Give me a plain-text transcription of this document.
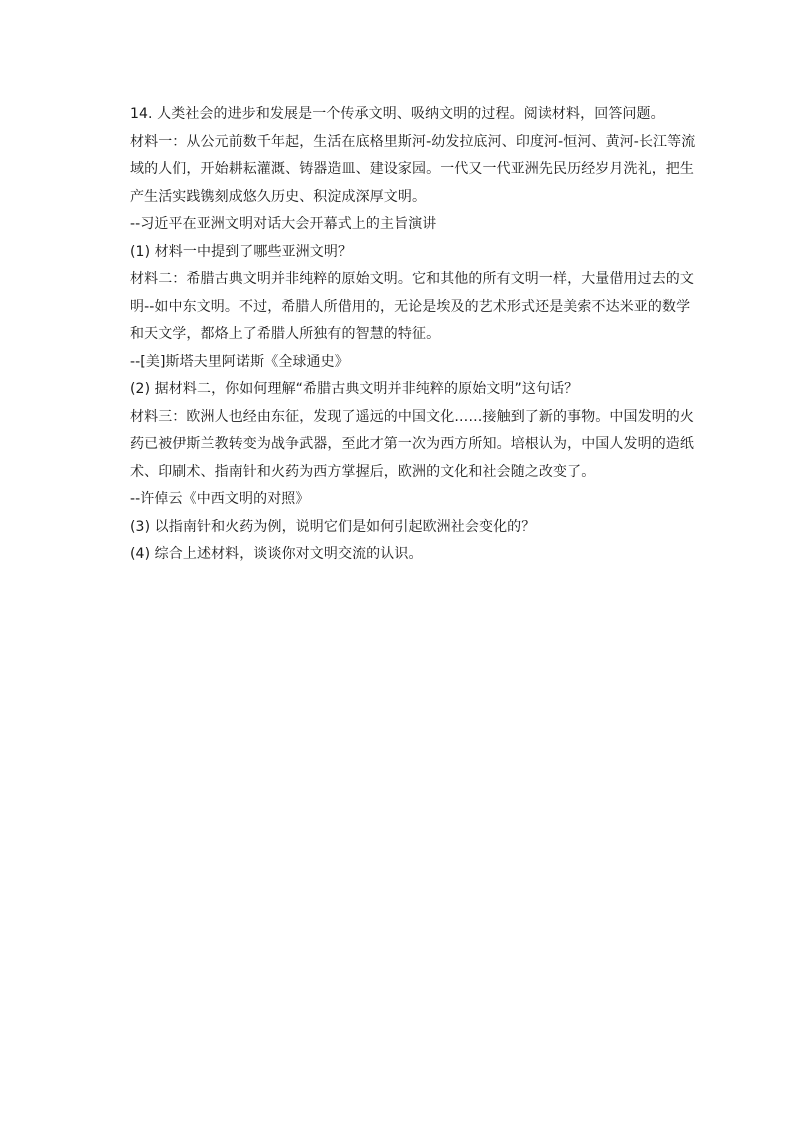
14. 人类社会的进步和发展是一个传承文明、吸纳文明的过程。阅读材料，回答问题。
材料一：从公元前数千年起，生活在底格里斯河-幼发拉底河、印度河-恒河、黄河-长江等流
域的人们，开始耕耘灌溉、铸器造皿、建设家园。一代又一代亚洲先民历经岁月洗礼，把生
产生活实践镌刻成悠久历史、积淀成深厚文明。
--习近平在亚洲文明对话大会开幕式上的主旨演讲
(1) 材料一中提到了哪些亚洲文明？
材料二：希腊古典文明并非纯粹的原始文明。它和其他的所有文明一样，大量借用过去的文
明--如中东文明。不过，希腊人所借用的，无论是埃及的艺术形式还是美索不达米亚的数学
和天文学，都烙上了希腊人所独有的智慧的特征。
--[美]斯塔夫里阿诺斯《全球通史》
(2) 据材料二，你如何理解“希腊古典文明并非纯粹的原始文明”这句话？
材料三：欧洲人也经由东征，发现了遥远的中国文化……接触到了新的事物。中国发明的火
药已被伊斯兰教转变为战争武器，至此才第一次为西方所知。培根认为，中国人发明的造纸
术、印刷术、指南针和火药为西方掌握后，欧洲的文化和社会随之改变了。
--许倬云《中西文明的对照》
(3) 以指南针和火药为例，说明它们是如何引起欧洲社会变化的？
(4) 综合上述材料，谈谈你对文明交流的认识。
